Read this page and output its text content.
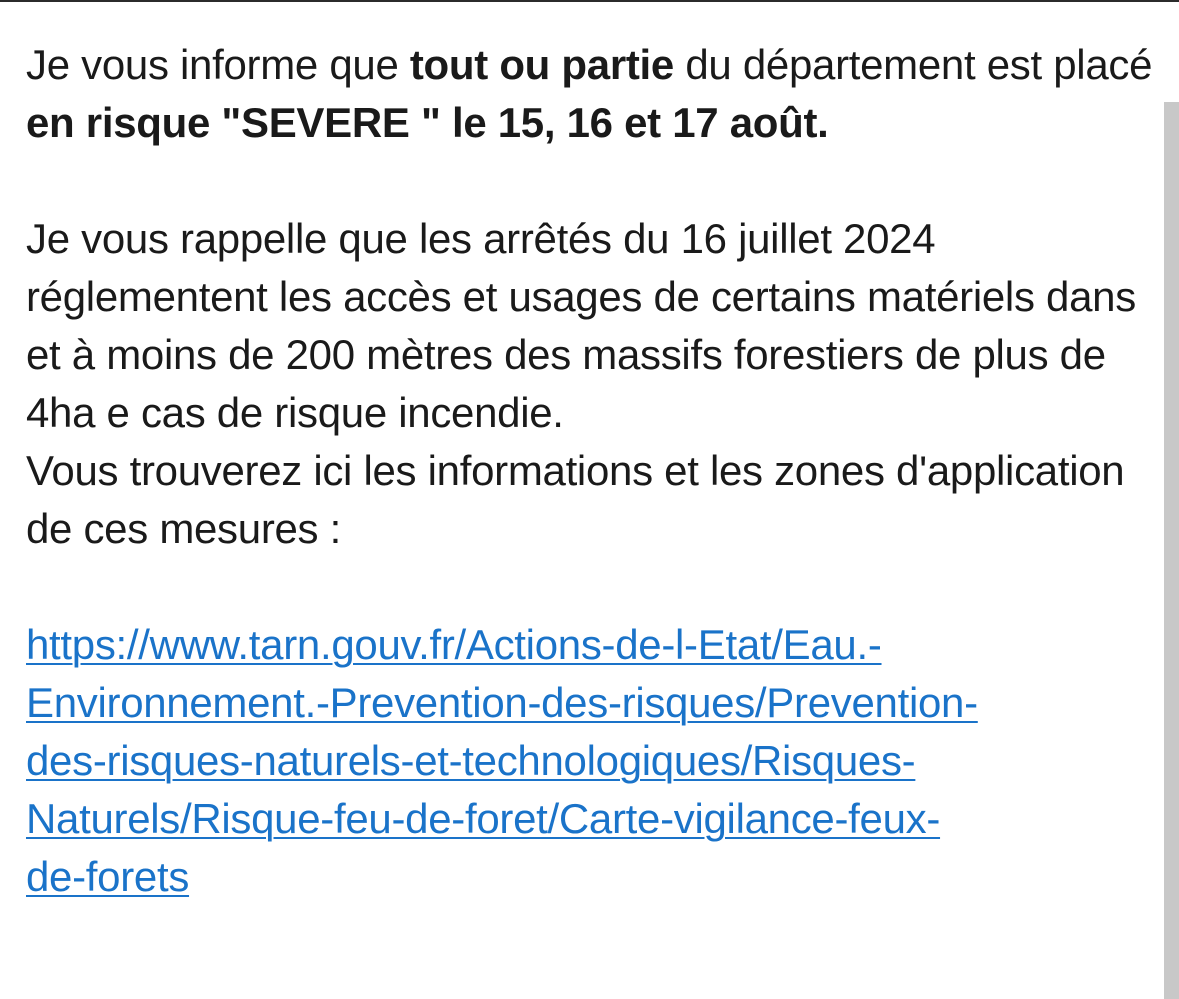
Je vous informe que tout ou partie du département est placé en risque "SEVERE " le 15, 16 et 17 août.

Je vous rappelle que les arrêtés du 16 juillet 2024 réglementent les accès et usages de certains matériels dans et à moins de 200 mètres des massifs forestiers de plus de 4ha e cas de risque incendie.

Vous trouverez ici les informations et les zones d'application de ces mesures :

https://www.tarn.gouv.fr/Actions-de-l-Etat/Eau.-
Environnement.-Prevention-des-risques/Prevention-
des-risques-naturels-et-technologiques/Risques-
Naturels/Risque-feu-de-foret/Carte-vigilance-feux-
de-forets
